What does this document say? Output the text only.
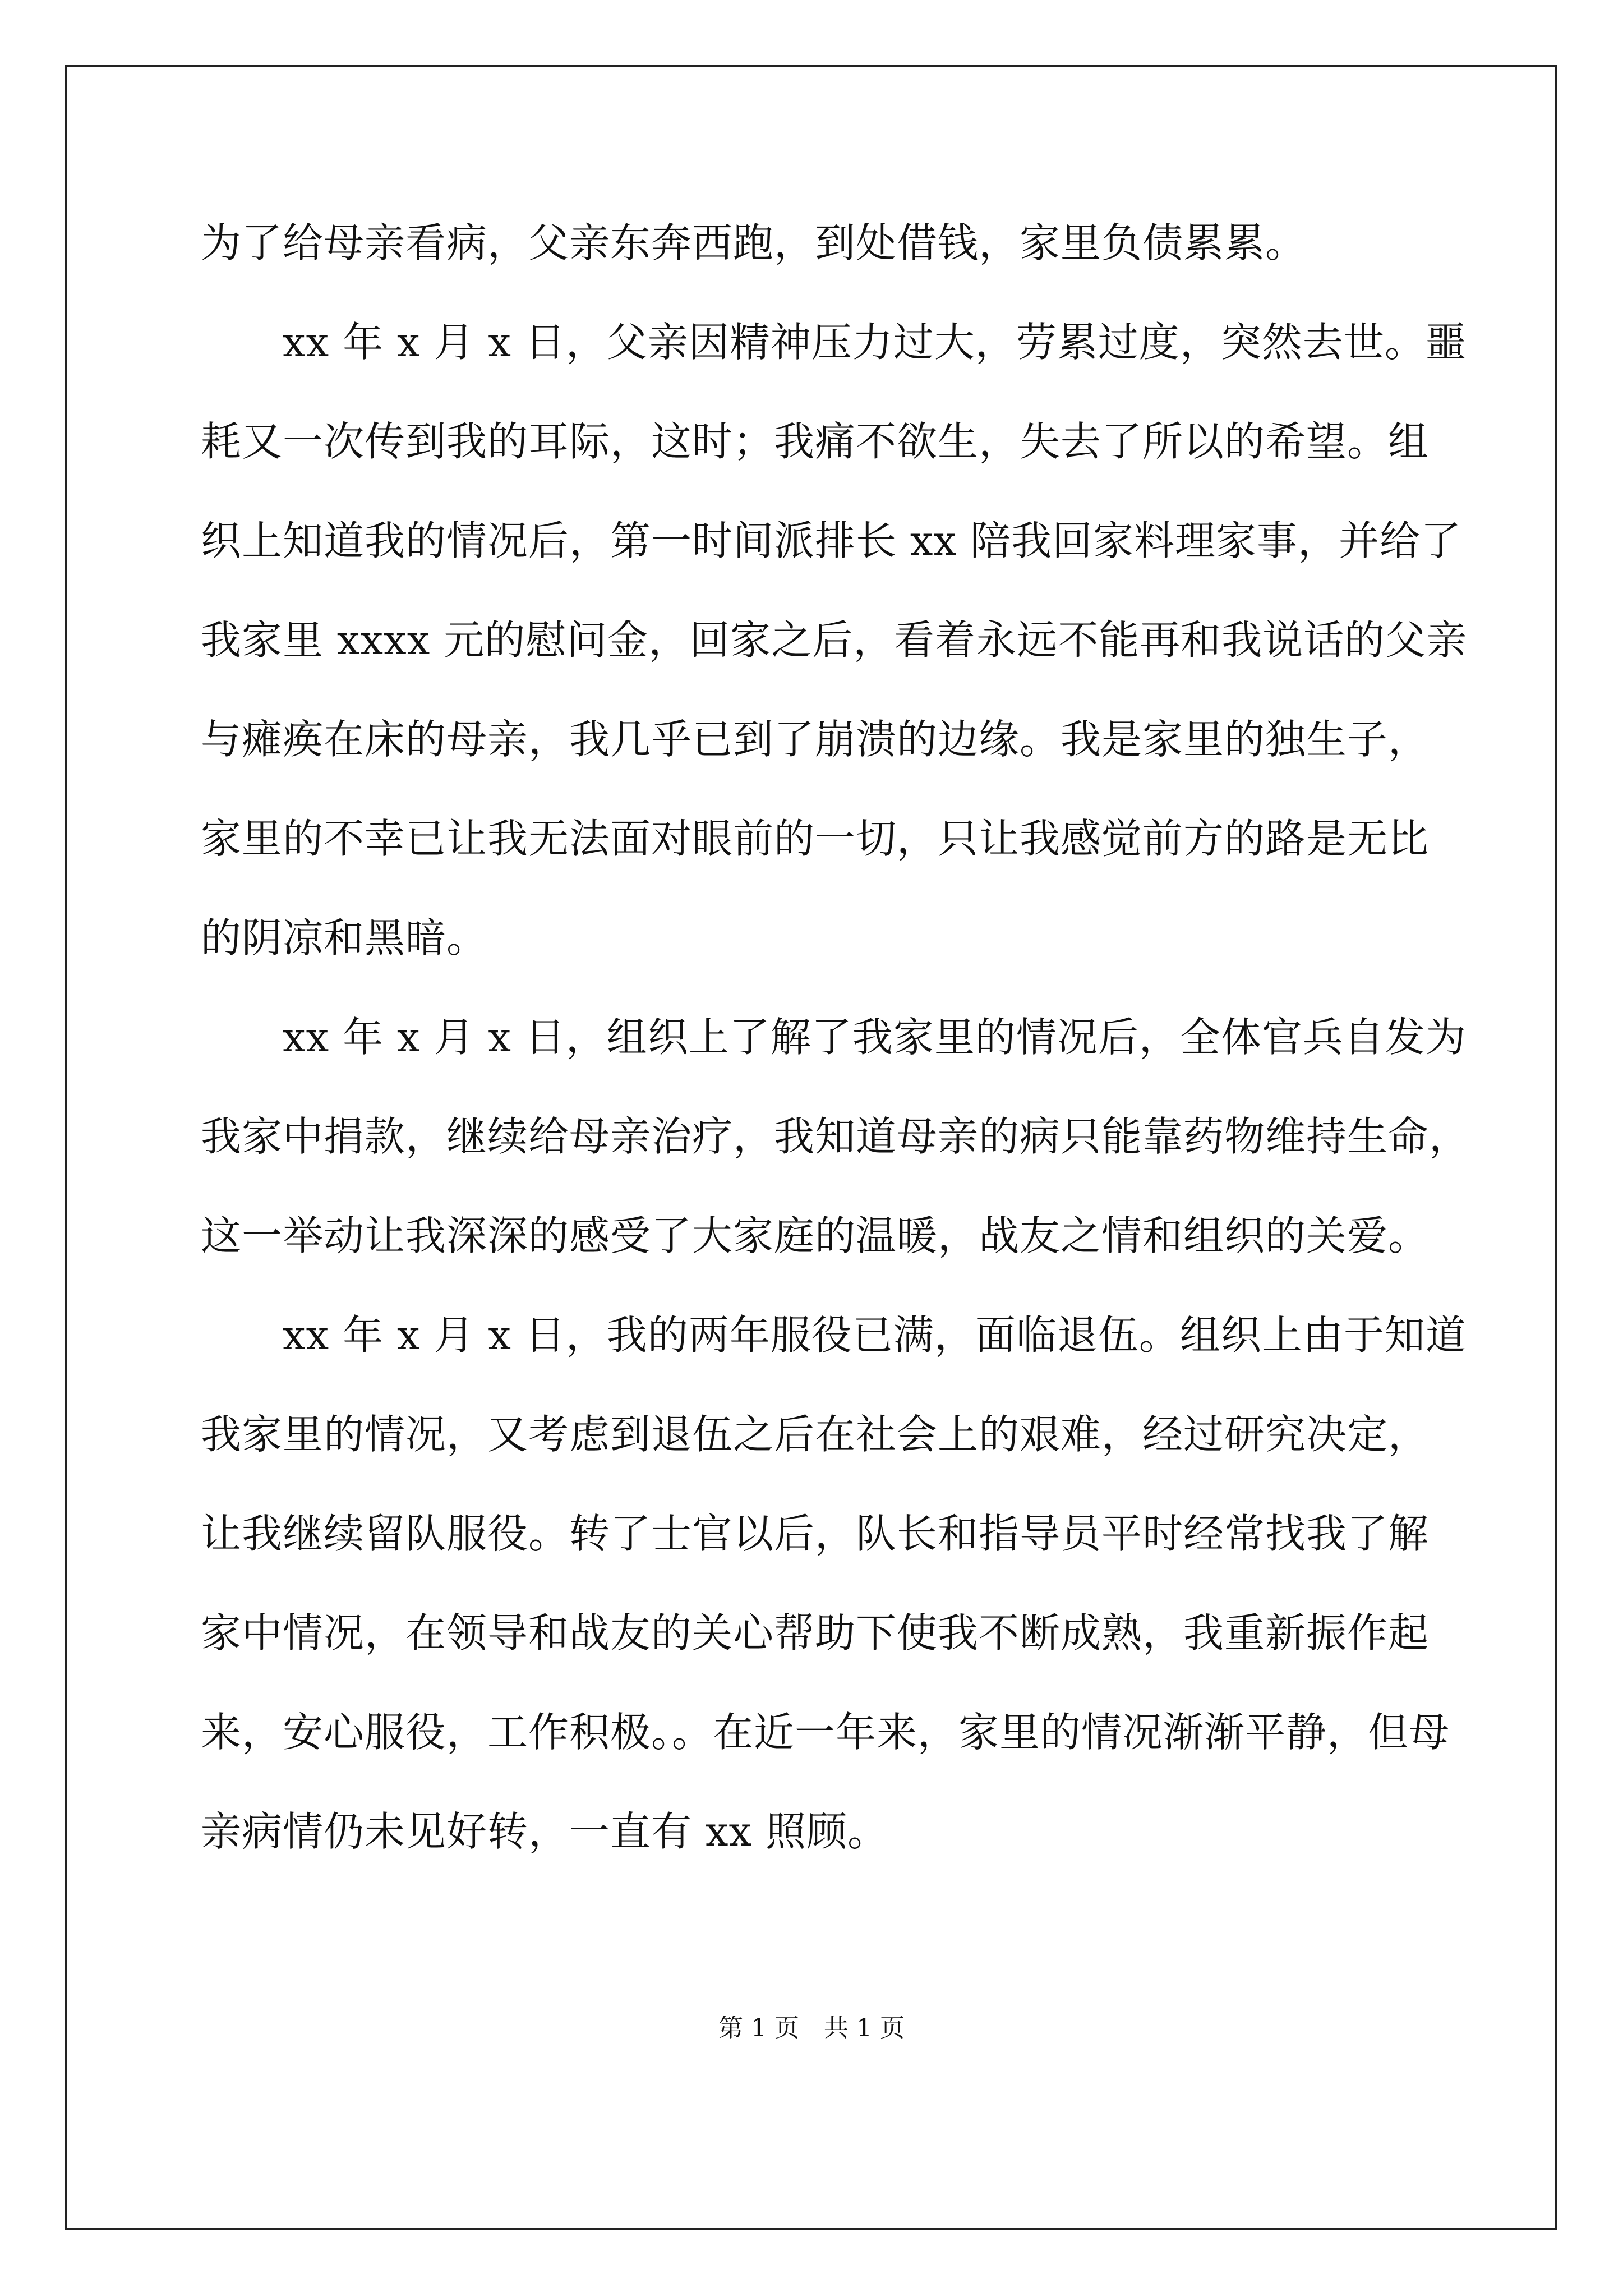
为了给母亲看病，父亲东奔西跑，到处借钱，家里负债累累。
　　xx 年 x 月 x 日，父亲因精神压力过大，劳累过度，突然去世。噩
耗又一次传到我的耳际，这时；我痛不欲生，失去了所以的希望。组
织上知道我的情况后，第一时间派排长 xx 陪我回家料理家事，并给了
我家里 xxxx 元的慰问金，回家之后，看着永远不能再和我说话的父亲
与瘫痪在床的母亲，我几乎已到了崩溃的边缘。我是家里的独生子，
家里的不幸已让我无法面对眼前的一切，只让我感觉前方的路是无比
的阴凉和黑暗。
　　xx 年 x 月 x 日，组织上了解了我家里的情况后，全体官兵自发为
我家中捐款，继续给母亲治疗，我知道母亲的病只能靠药物维持生命，
这一举动让我深深的感受了大家庭的温暖，战友之情和组织的关爱。
　　xx 年 x 月 x 日，我的两年服役已满，面临退伍。组织上由于知道
我家里的情况，又考虑到退伍之后在社会上的艰难，经过研究决定，
让我继续留队服役。转了士官以后，队长和指导员平时经常找我了解
家中情况，在领导和战友的关心帮助下使我不断成熟，我重新振作起
来，安心服役，工作积极。。在近一年来，家里的情况渐渐平静，但母
亲病情仍未见好转，一直有 xx 照顾。
第 1 页　共 1 页
